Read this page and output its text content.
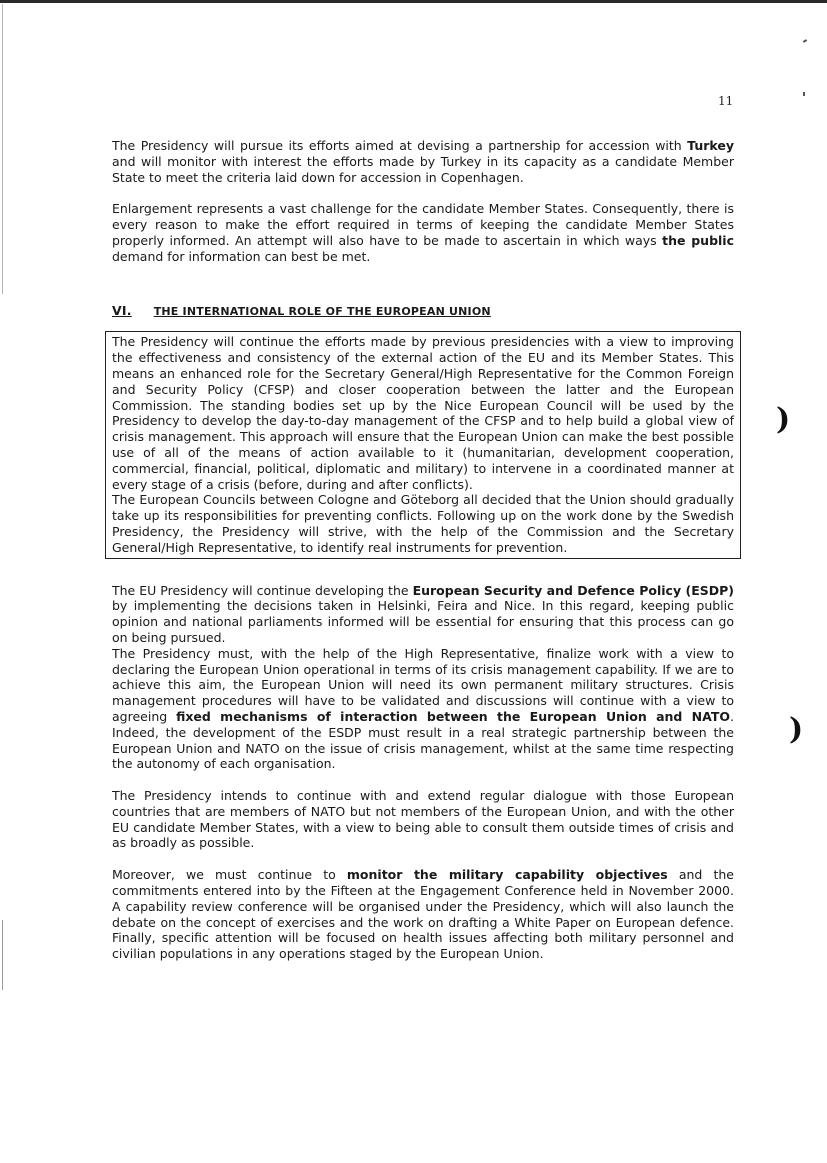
11
)
)

The Presidency will pursue its efforts aimed at devising a partnership for accession with Turkey and will monitor with interest the efforts made by Turkey in its capacity as a candidate Member State to meet the criteria laid down for accession in Copenhagen.

Enlargement represents a vast challenge for the candidate Member States. Consequently, there is every reason to make the effort required in terms of keeping the candidate Member States properly informed. An attempt will also have to be made to ascertain in which ways the public demand for information can best be met.

VI. THE INTERNATIONAL ROLE OF THE EUROPEAN UNION

The Presidency will continue the efforts made by previous presidencies with a view to improving the effectiveness and consistency of the external action of the EU and its Member States. This means an enhanced role for the Secretary General/High Representative for the Common Foreign and Security Policy (CFSP) and closer cooperation between the latter and the European Commission. The standing bodies set up by the Nice European Council will be used by the Presidency to develop the day-to-day management of the CFSP and to help build a global view of crisis management. This approach will ensure that the European Union can make the best possible use of all of the means of action available to it (humanitarian, development cooperation, commercial, financial, political, diplomatic and military) to intervene in a coordinated manner at every stage of a crisis (before, during and after conflicts).

The European Councils between Cologne and Göteborg all decided that the Union should gradually take up its responsibilities for preventing conflicts. Following up on the work done by the Swedish Presidency, the Presidency will strive, with the help of the Commission and the Secretary General/High Representative, to identify real instruments for prevention.

The EU Presidency will continue developing the European Security and Defence Policy (ESDP) by implementing the decisions taken in Helsinki, Feira and Nice. In this regard, keeping public opinion and national parliaments informed will be essential for ensuring that this process can go on being pursued.

The Presidency must, with the help of the High Representative, finalize work with a view to declaring the European Union operational in terms of its crisis management capability. If we are to achieve this aim, the European Union will need its own permanent military structures. Crisis management procedures will have to be validated and discussions will continue with a view to agreeing fixed mechanisms of interaction between the European Union and NATO. Indeed, the development of the ESDP must result in a real strategic partnership between the European Union and NATO on the issue of crisis management, whilst at the same time respecting the autonomy of each organisation.

The Presidency intends to continue with and extend regular dialogue with those European countries that are members of NATO but not members of the European Union, and with the other EU candidate Member States, with a view to being able to consult them outside times of crisis and as broadly as possible.

Moreover, we must continue to monitor the military capability objectives and the commitments entered into by the Fifteen at the Engagement Conference held in November 2000. A capability review conference will be organised under the Presidency, which will also launch the debate on the concept of exercises and the work on drafting a White Paper on European defence. Finally, specific attention will be focused on health issues affecting both military personnel and civilian populations in any operations staged by the European Union.
